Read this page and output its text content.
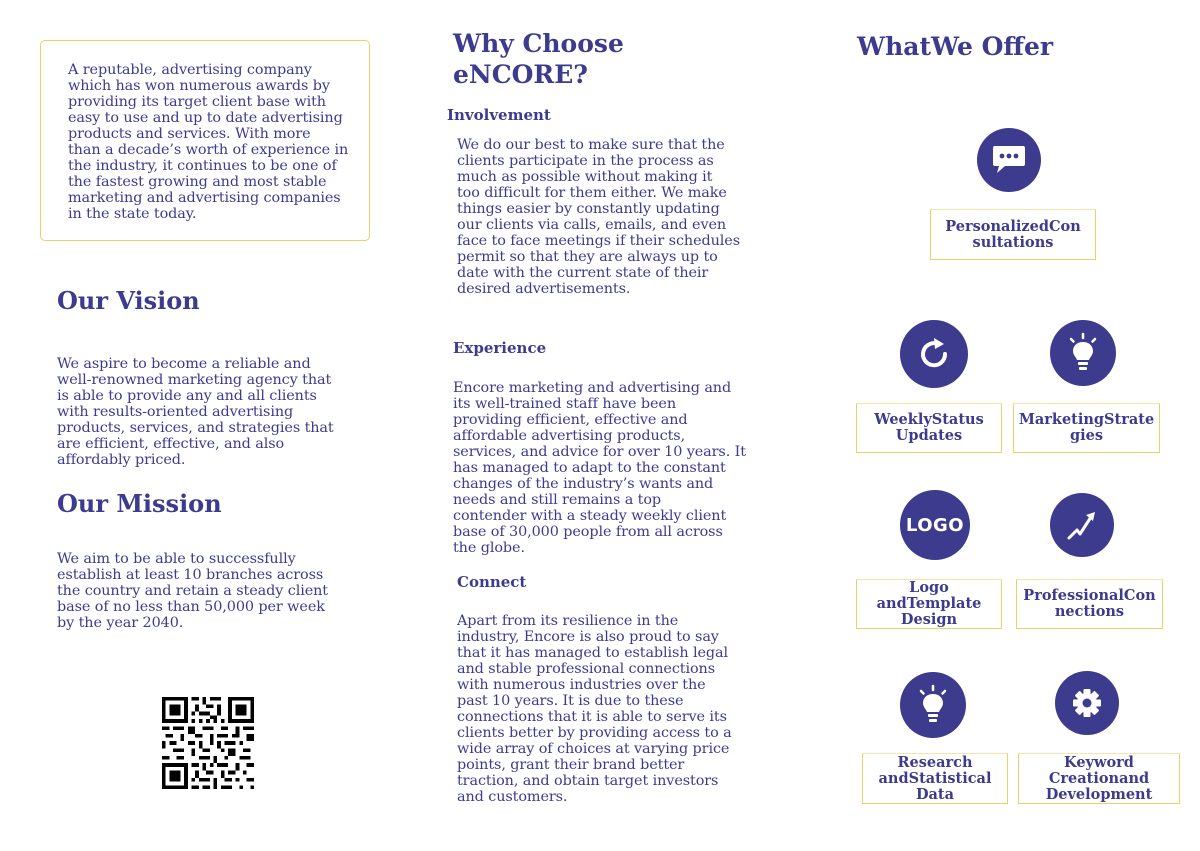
A reputable, advertising company
which has won numerous awards by
providing its target client base with
easy to use and up to date advertising
products and services. With more
than a decade’s worth of experience in
the industry, it continues to be one of
the fastest growing and most stable
marketing and advertising companies
in the state today.
Our Vision
We aspire to become a reliable and
well-renowned marketing agency that
is able to provide any and all clients
with results-oriented advertising
products, services, and strategies that
are efficient, effective, and also
affordably priced.
Our Mission
We aim to be able to successfully
establish at least 10 branches across
the country and retain a steady client
base of no less than 50,000 per week
by the year 2040.
Why Choose
eNCORE?
Involvement
We do our best to make sure that the
clients participate in the process as
much as possible without making it
too difficult for them either. We make
things easier by constantly updating
our clients via calls, emails, and even
face to face meetings if their schedules
permit so that they are always up to
date with the current state of their
desired advertisements.
Experience
Encore marketing and advertising and
its well-trained staff have been
providing efficient, effective and
affordable advertising products,
services, and advice for over 10 years. It
has managed to adapt to the constant
changes of the industry’s wants and
needs and still remains a top
contender with a steady weekly client
base of 30,000 people from all across
the globe.
Connect
Apart from its resilience in the
industry, Encore is also proud to say
that it has managed to establish legal
and stable professional connections
with numerous industries over the
past 10 years. It is due to these
connections that it is able to serve its
clients better by providing access to a
wide array of choices at varying price
points, grant their brand better
traction, and obtain target investors
and customers.
WhatWe Offer
PersonalizedCon
sultations
WeeklyStatus
Updates
MarketingStrate
gies
LOGO
Logo
andTemplate
Design
ProfessionalCon
nections
Research
andStatistical
Data
Keyword
Creationand
Development
